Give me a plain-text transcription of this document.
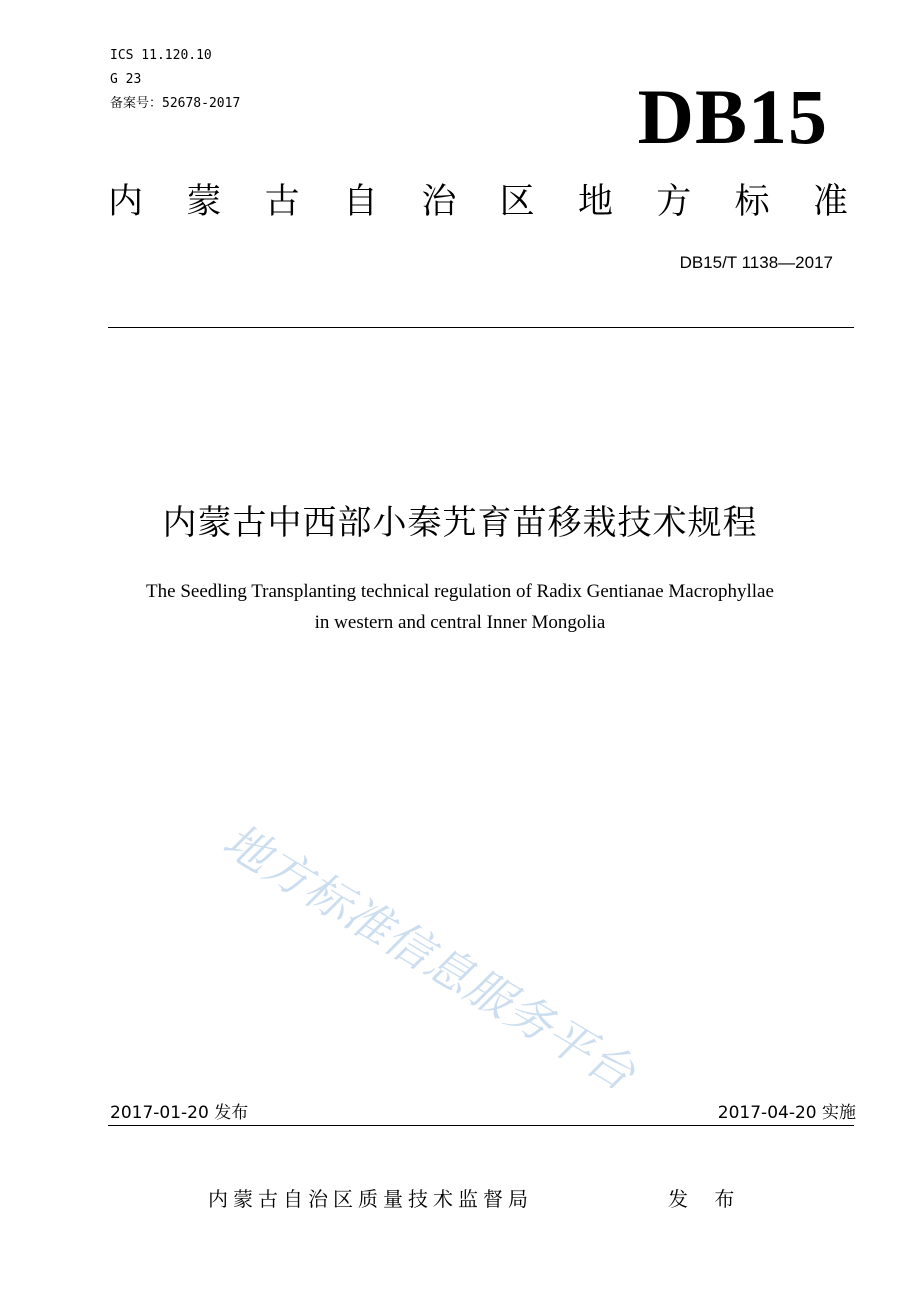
ICS 11.120.10
G 23
备案号：52678-2017	DB15
内 蒙 古 自 治 区 地 方 标 准
DB15/T 1138—2017
内蒙古中西部小秦艽育苗移栽技术规程
The Seedling Transplanting technical regulation of Radix Gentianae Macrophyllae
in western and central Inner Mongolia
地方标准信息服务平台
2017-01-20 发布	2017-04-20 实施
内蒙古自治区质量技术监督局	发 布
